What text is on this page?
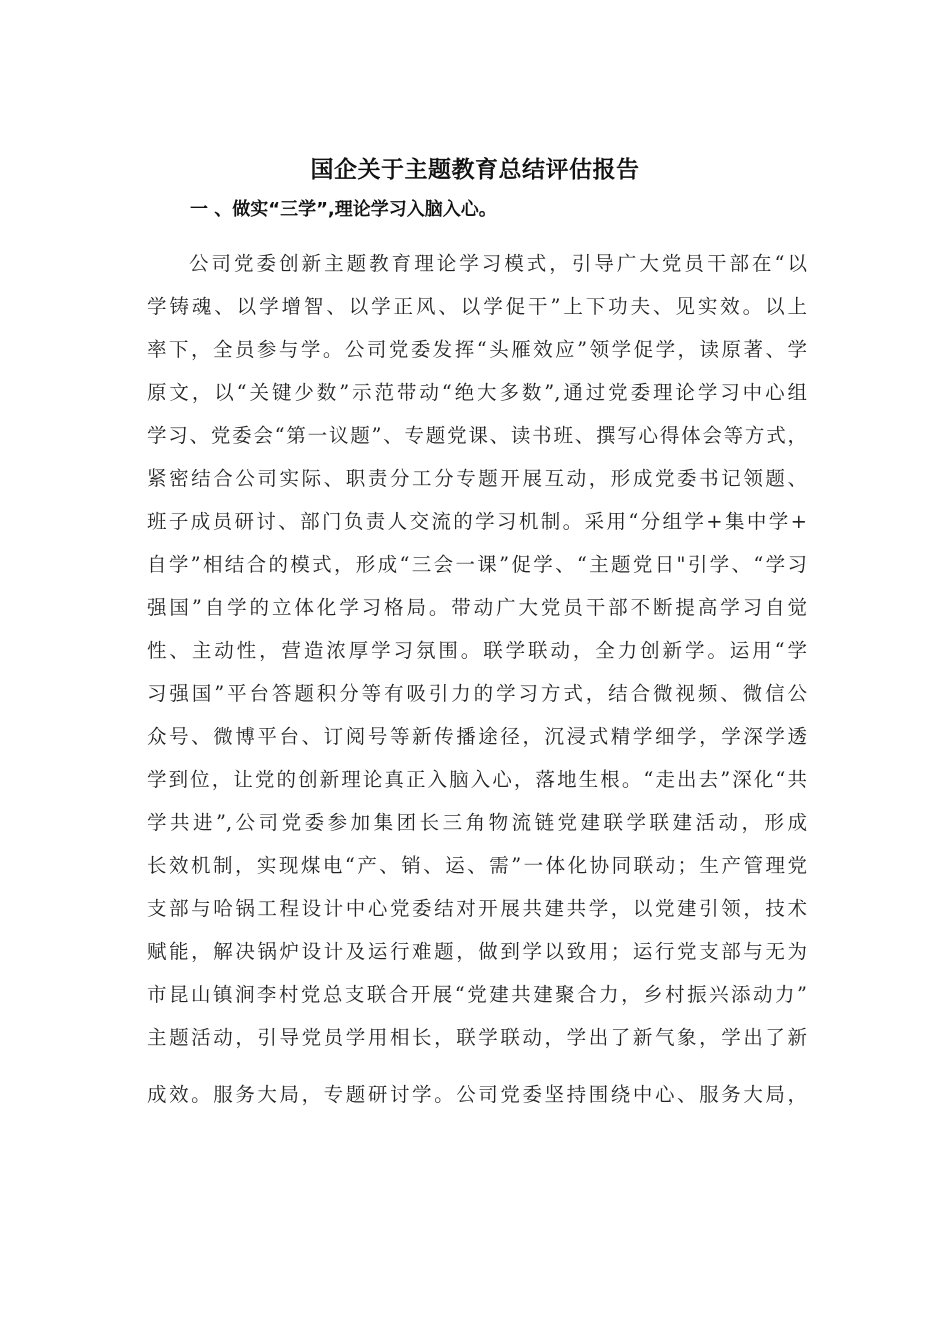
国企关于主题教育总结评估报告
一 、做实“三学”,理论学习入脑入心。
公司党委创新主题教育理论学习模式，引导广大党员干部在“以
学铸魂、以学增智、以学正风、以学促干”上下功夫、见实效。以上
率下，全员参与学。公司党委发挥“头雁效应”领学促学，读原著、学
原文，以“关键少数”示范带动“绝大多数”,通过党委理论学习中心组
学习、党委会“第一议题”、专题党课、读书班、撰写心得体会等方式，
紧密结合公司实际、职责分工分专题开展互动，形成党委书记领题、
班子成员研讨、部门负责人交流的学习机制。采用“分组学+集中学+
自学”相结合的模式，形成“三会一课”促学、“主题党日"引学、“学习
强国”自学的立体化学习格局。带动广大党员干部不断提高学习自觉
性、主动性，营造浓厚学习氛围。联学联动，全力创新学。运用“学
习强国”平台答题积分等有吸引力的学习方式，结合微视频、微信公
众号、微博平台、订阅号等新传播途径，沉浸式精学细学，学深学透
学到位，让党的创新理论真正入脑入心，落地生根。“走出去”深化“共
学共进”,公司党委参加集团长三角物流链党建联学联建活动，形成
长效机制，实现煤电“产、销、运、需”一体化协同联动；生产管理党
支部与哈锅工程设计中心党委结对开展共建共学，以党建引领，技术
赋能，解决锅炉设计及运行难题，做到学以致用；运行党支部与无为
市昆山镇涧李村党总支联合开展“党建共建聚合力，乡村振兴添动力”
主题活动，引导党员学用相长，联学联动，学出了新气象，学出了新
成效。服务大局，专题研讨学。公司党委坚持围绕中心、服务大局，
